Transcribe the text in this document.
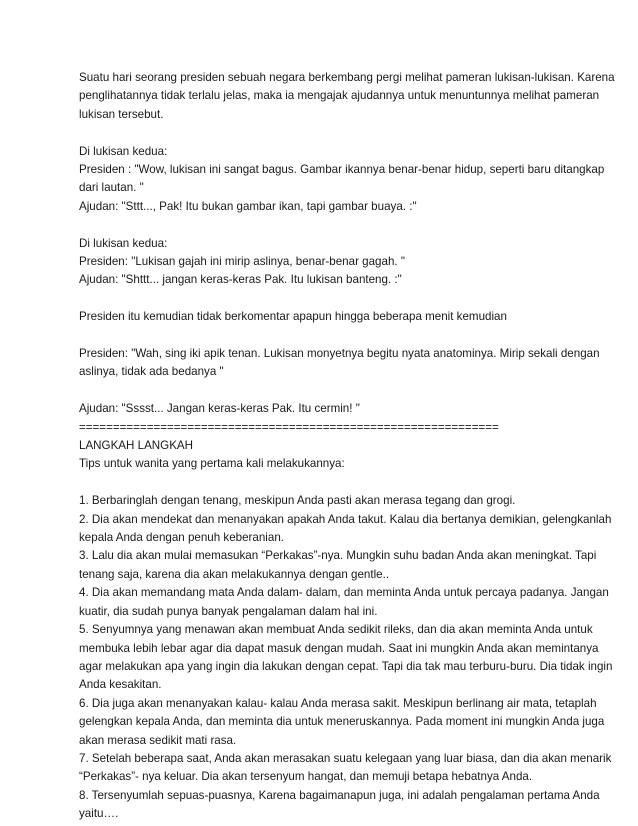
Suatu hari seorang presiden sebuah negara berkembang pergi melihat pameran lukisan-lukisan. Karena
penglihatannya tidak terlalu jelas, maka ia mengajak ajudannya untuk menuntunnya melihat pameran
lukisan tersebut.
Di lukisan kedua:
Presiden : "Wow, lukisan ini sangat bagus. Gambar ikannya benar-benar hidup, seperti baru ditangkap
dari lautan. "
Ajudan: "Sttt..., Pak! Itu bukan gambar ikan, tapi gambar buaya. :"
Di lukisan kedua:
Presiden: "Lukisan gajah ini mirip aslinya, benar-benar gagah. "
Ajudan: "Shttt... jangan keras-keras Pak. Itu lukisan banteng. :"
Presiden itu kemudian tidak berkomentar apapun hingga beberapa menit kemudian
Presiden: "Wah, sing iki apik tenan. Lukisan monyetnya begitu nyata anatominya. Mirip sekali dengan
aslinya, tidak ada bedanya "
Ajudan: "Sssst... Jangan keras-keras Pak. Itu cermin! "
==============================================================
LANGKAH LANGKAH
Tips untuk wanita yang pertama kali melakukannya:
1. Berbaringlah dengan tenang, meskipun Anda pasti akan merasa tegang dan grogi.
2. Dia akan mendekat dan menanyakan apakah Anda takut. Kalau dia bertanya demikian, gelengkanlah
kepala Anda dengan penuh keberanian.
3. Lalu dia akan mulai memasukan “Perkakas”-nya. Mungkin suhu badan Anda akan meningkat. Tapi
tenang saja, karena dia akan melakukannya dengan gentle..
4. Dia akan memandang mata Anda dalam- dalam, dan meminta Anda untuk percaya padanya. Jangan
kuatir, dia sudah punya banyak pengalaman dalam hal ini.
5. Senyumnya yang menawan akan membuat Anda sedikit rileks, dan dia akan meminta Anda untuk
membuka lebih lebar agar dia dapat masuk dengan mudah. Saat ini mungkin Anda akan memintanya
agar melakukan apa yang ingin dia lakukan dengan cepat. Tapi dia tak mau terburu-buru. Dia tidak ingin
Anda kesakitan.
6. Dia juga akan menanyakan kalau- kalau Anda merasa sakit. Meskipun berlinang air mata, tetaplah
gelengkan kepala Anda, dan meminta dia untuk meneruskannya. Pada moment ini mungkin Anda juga
akan merasa sedikit mati rasa.
7. Setelah beberapa saat, Anda akan merasakan suatu kelegaan yang luar biasa, dan dia akan menarik
“Perkakas”- nya keluar. Dia akan tersenyum hangat, dan memuji betapa hebatnya Anda.
8. Tersenyumlah sepuas-puasnya, Karena bagaimanapun juga, ini adalah pengalaman pertama Anda
yaitu….
